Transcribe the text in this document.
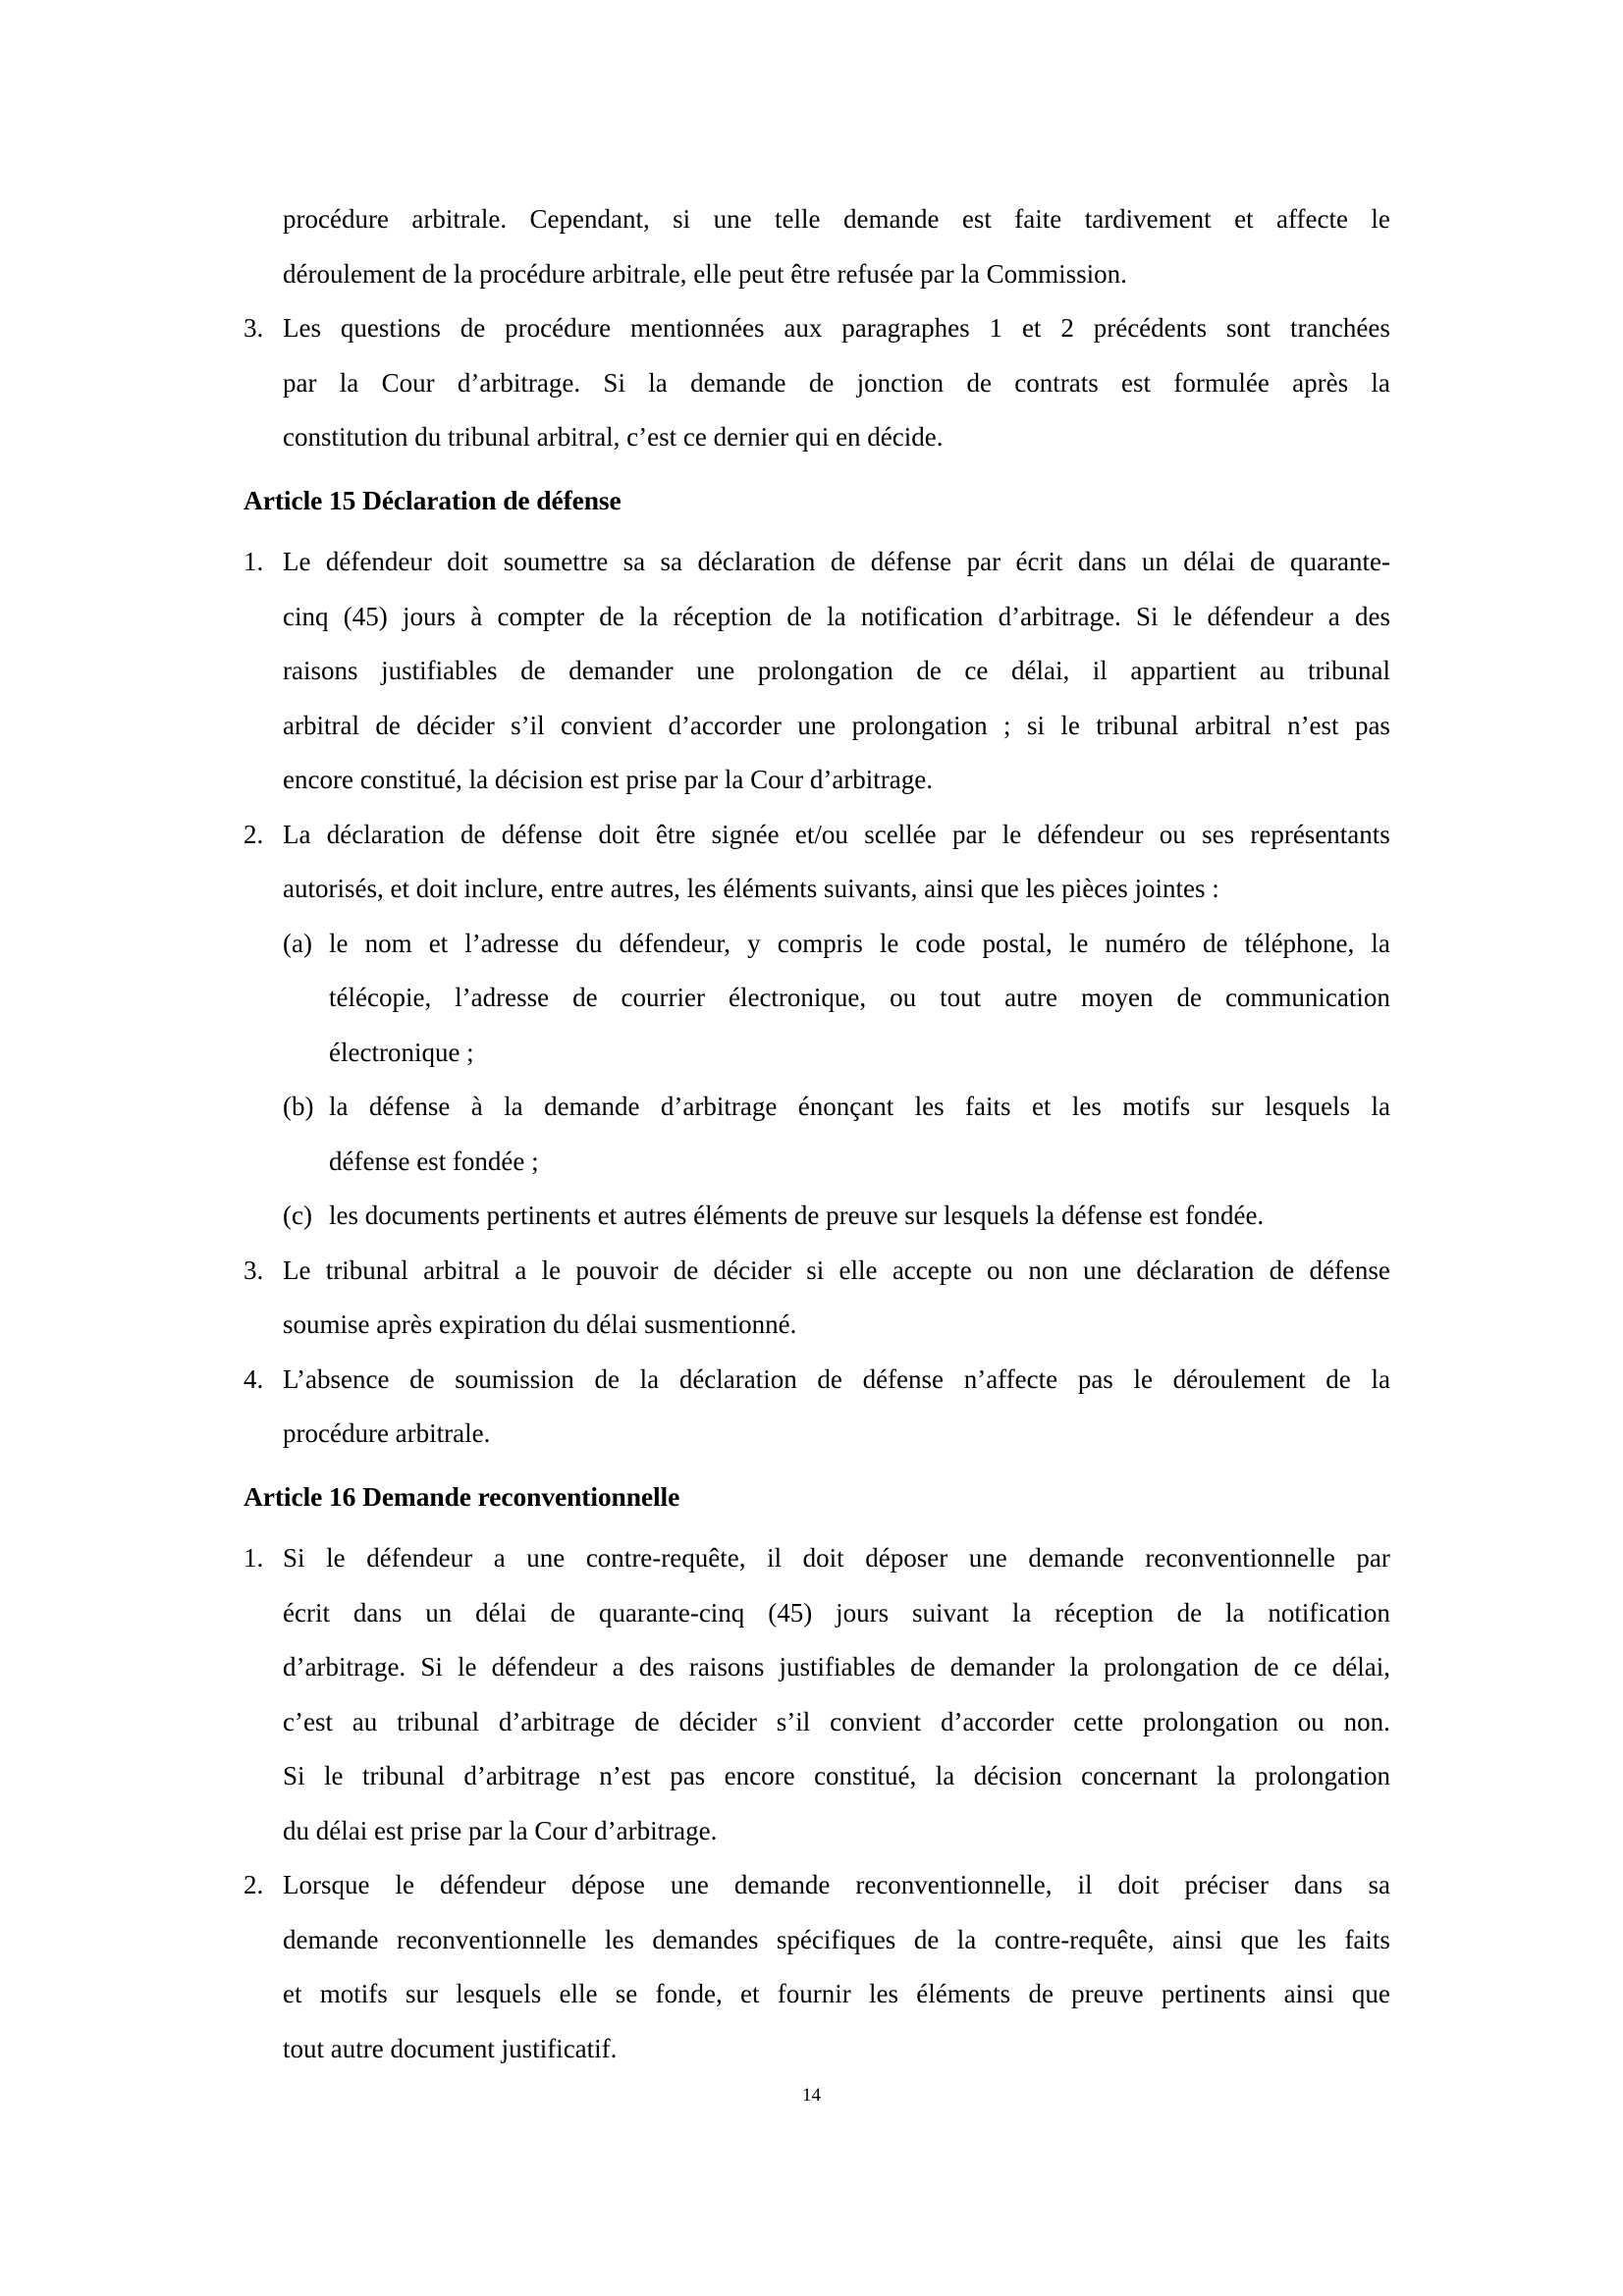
procédure arbitrale. Cependant, si une telle demande est faite tardivement et affecte le
déroulement de la procédure arbitrale, elle peut être refusée par la Commission.
3. Les questions de procédure mentionnées aux paragraphes 1 et 2 précédents sont tranchées
par la Cour d’arbitrage. Si la demande de jonction de contrats est formulée après la
constitution du tribunal arbitral, c’est ce dernier qui en décide.
Article 15 Déclaration de défense
1. Le défendeur doit soumettre sa sa déclaration de défense par écrit dans un délai de quarante-
cinq (45) jours à compter de la réception de la notification d’arbitrage. Si le défendeur a des
raisons justifiables de demander une prolongation de ce délai, il appartient au tribunal
arbitral de décider s’il convient d’accorder une prolongation ; si le tribunal arbitral n’est pas
encore constitué, la décision est prise par la Cour d’arbitrage.
2. La déclaration de défense doit être signée et/ou scellée par le défendeur ou ses représentants
autorisés, et doit inclure, entre autres, les éléments suivants, ainsi que les pièces jointes :
(a) le nom et l’adresse du défendeur, y compris le code postal, le numéro de téléphone, la
télécopie, l’adresse de courrier électronique, ou tout autre moyen de communication
électronique ;
(b) la défense à la demande d’arbitrage énonçant les faits et les motifs sur lesquels la
défense est fondée ;
(c) les documents pertinents et autres éléments de preuve sur lesquels la défense est fondée.
3. Le tribunal arbitral a le pouvoir de décider si elle accepte ou non une déclaration de défense
soumise après expiration du délai susmentionné.
4. L’absence de soumission de la déclaration de défense n’affecte pas le déroulement de la
procédure arbitrale.
Article 16 Demande reconventionnelle
1. Si le défendeur a une contre-requête, il doit déposer une demande reconventionnelle par
écrit dans un délai de quarante-cinq (45) jours suivant la réception de la notification
d’arbitrage. Si le défendeur a des raisons justifiables de demander la prolongation de ce délai,
c’est au tribunal d’arbitrage de décider s’il convient d’accorder cette prolongation ou non.
Si le tribunal d’arbitrage n’est pas encore constitué, la décision concernant la prolongation
du délai est prise par la Cour d’arbitrage.
2. Lorsque le défendeur dépose une demande reconventionnelle, il doit préciser dans sa
demande reconventionnelle les demandes spécifiques de la contre-requête, ainsi que les faits
et motifs sur lesquels elle se fonde, et fournir les éléments de preuve pertinents ainsi que
tout autre document justificatif.
14
